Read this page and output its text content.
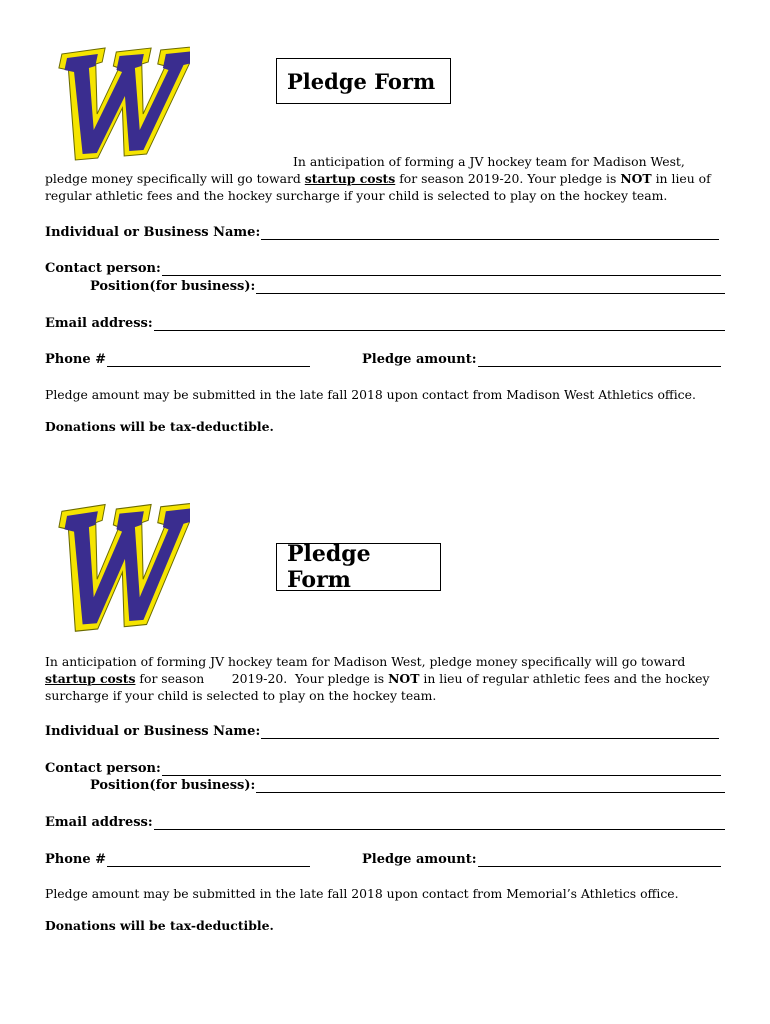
Pledge Form
In anticipation of forming a JV hockey team for Madison West,
pledge money specifically will go toward startup costs for season 2019-20. Your pledge is NOT in lieu of
regular athletic fees and the hockey surcharge if your child is selected to play on the hockey team.
Individual or Business Name:
Contact person:
Position(for business):
Email address:
Phone #	Pledge amount:
Pledge amount may be submitted in the late fall 2018 upon contact from Madison West Athletics office.
Donations will be tax-deductible.
Pledge Form
In anticipation of forming JV hockey team for Madison West, pledge money specifically will go toward
startup costs for season       2019-20.  Your pledge is NOT in lieu of regular athletic fees and the hockey
surcharge if your child is selected to play on the hockey team.
Individual or Business Name:
Contact person:
Position(for business):
Email address:
Phone #	Pledge amount:
Pledge amount may be submitted in the late fall 2018 upon contact from Memorial’s Athletics office.
Donations will be tax-deductible.
